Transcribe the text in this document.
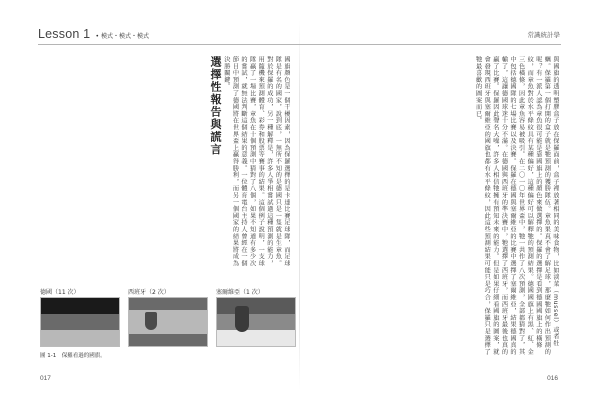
Lesson 1 • 模式・模式・模式	常識統計學
選擇性報告與謊言	國旗顏色是一個干擾因素，因為保羅選擇的是卡達比賽足球隊，而足球隊是有名的國家，說到底，一無所不知的是德國只是一隻就是生章魚。對於保羅的成功，另一種解釋是，許多人爭相嘗試過這種預測的能力，用隨機來預測體育、彩券和股票等賽事的結果。這個例子說明，一支球隊贏了一場比賽，章魚在十個預測中猜對了八個，如果不知道有多少次的嘗試，就無法判斷這個結果的意義。一位體育電台主持人曾經在一個節目中預測了德國將在世界盃上贏得勝利，而另一個國家的結果將成為決勝關鍵。
德國（11 次）	西班牙（2 次）	塞爾維亞（1 次）
圖 1-1　保羅看過的國旗。
與國旗的透明塑膠盒子放在保羅面前，盒子裡放著相同的美味食物，比如淡菜（mussel）或者牡蠣。保羅第一個打開的盒子就是牠預測的獲勝隊伍。章魚果真不會了解足球，那麼牠如何作出預測的呢？有一派人認為章魚很可能是靠國旗上的顏色來做選擇的。保羅的選擇是看到德國國旗上的橫條紋，而章魚對於水平條紋具有某種偏好，這種偏好可以解釋牠的預測結果。德國國旗上有黑、紅、金三色橫條，因此章魚容易被吸引。在二〇一〇年世界盃中，牠一共作了八次預測，全部都猜對了，其中包括德國隊的七場比賽以及決賽。保羅在德國與塞爾維亞的比賽中選擇了塞爾維亞，結果德國真的輸了，這讓德國球迷十分不滿。在德國與西班牙的準決賽中，牠選擇了西班牙，而西班牙最後也真的贏了比賽。保羅因此聲名大噪，許多人相信牠擁有預知未來的能力。但是如果仔細看國旗的圖案，就會發現西班牙與塞爾維亞的國旗也都有水平條紋，因此這些預測結果可能只是巧合，保羅只是選擇了牠最喜歡的圖案而已。
017	016
